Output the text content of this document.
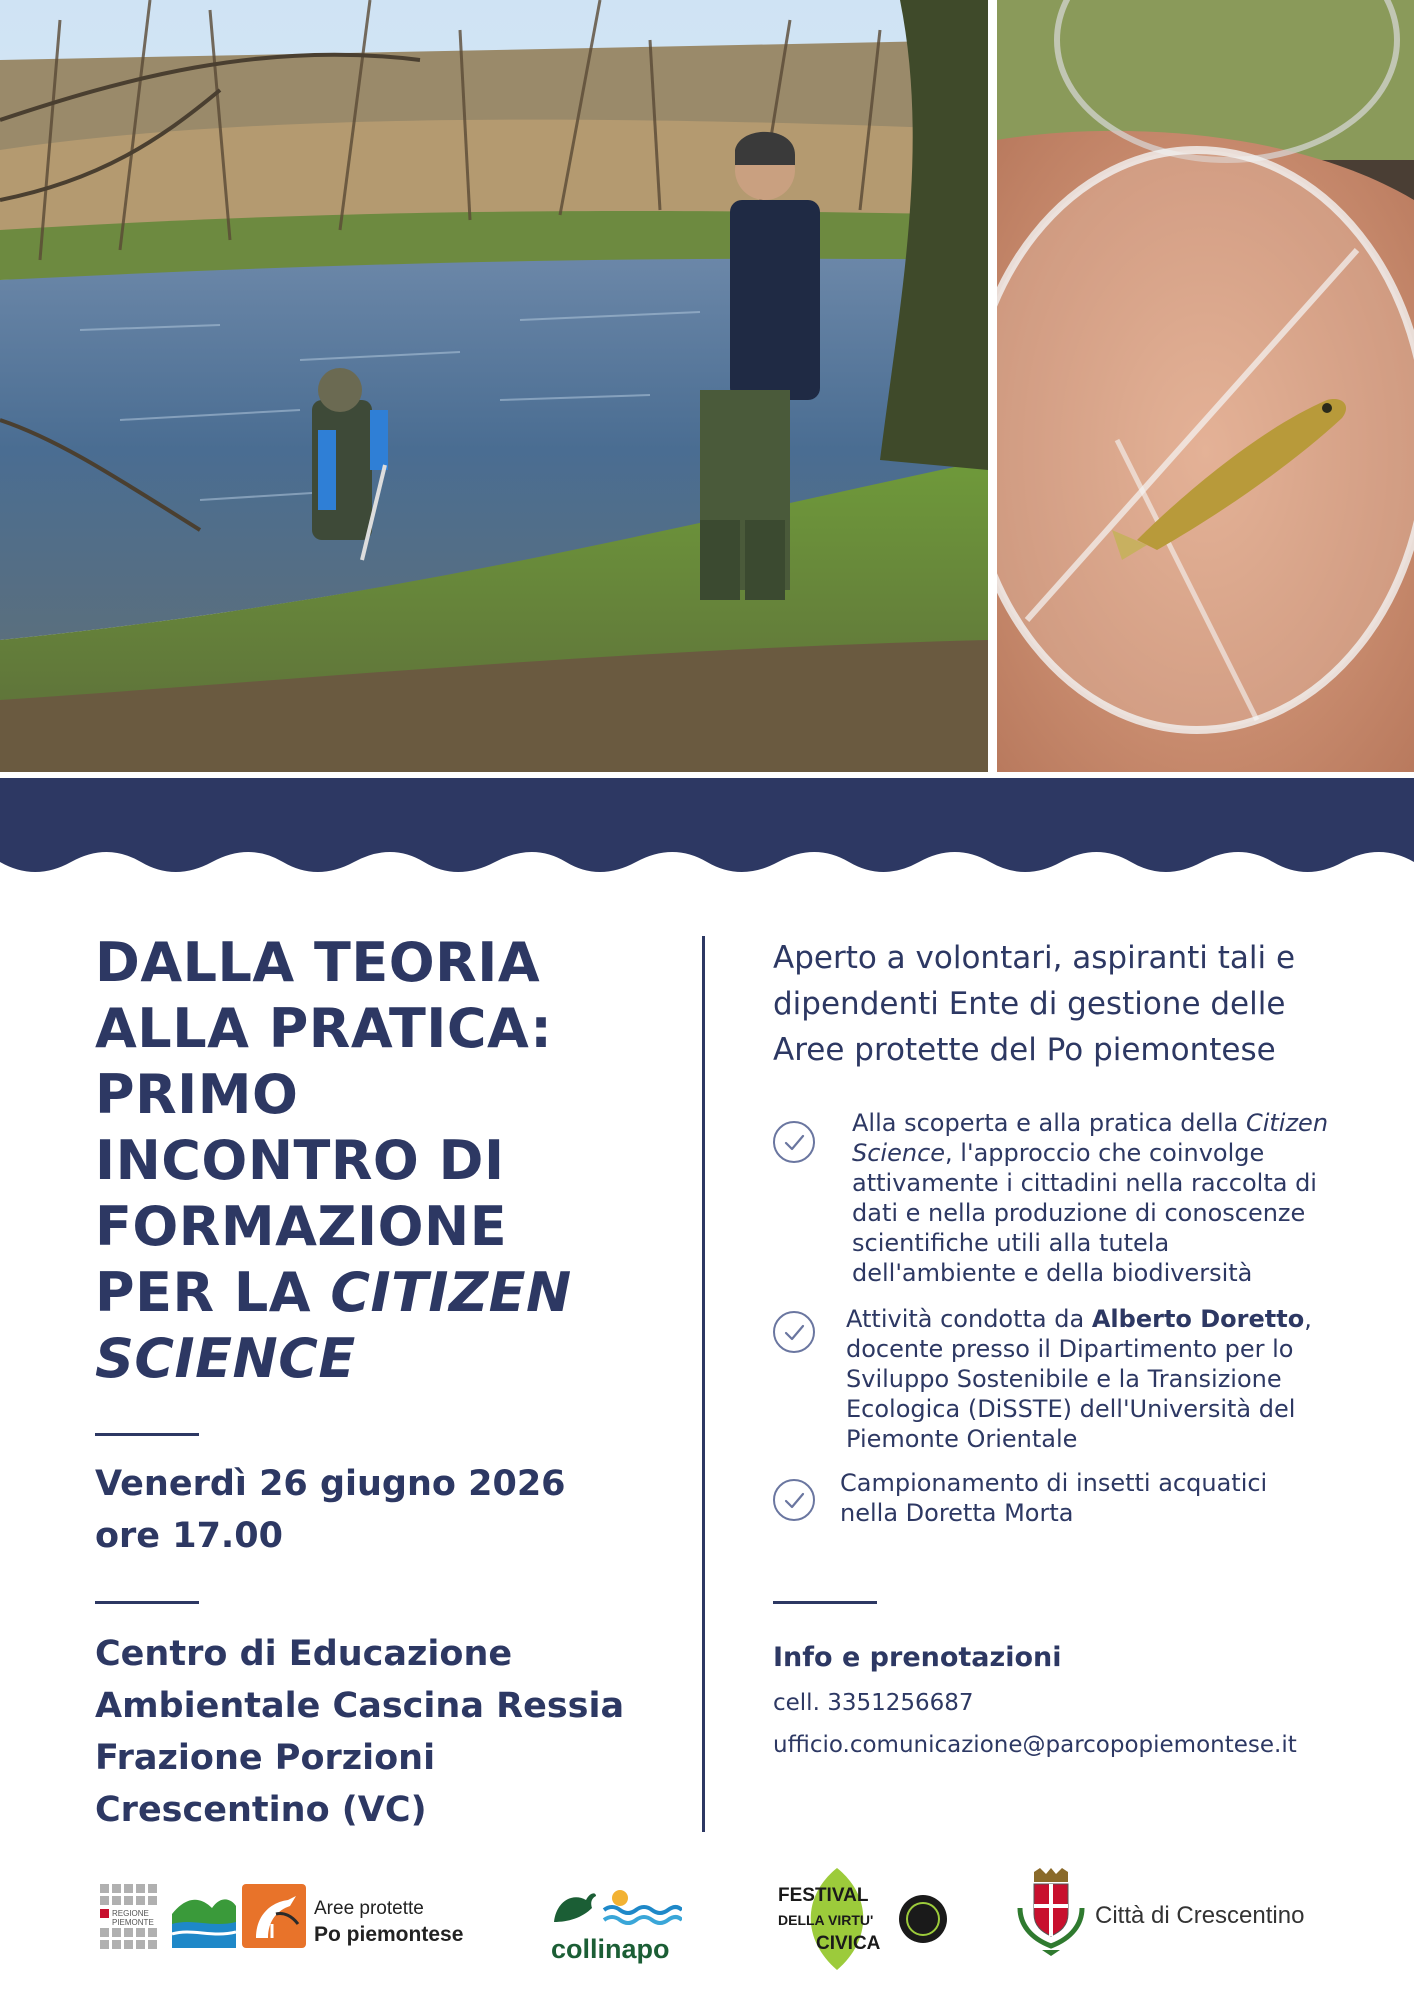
DALLA TEORIA
ALLA PRATICA:
PRIMO
INCONTRO DI
FORMAZIONE
PER LA CITIZEN
SCIENCE
Venerdì 26 giugno 2026
ore 17.00
Centro di Educazione
Ambientale Cascina Ressia
Frazione Porzioni
Crescentino (VC)
Aperto a volontari, aspiranti tali e
dipendenti Ente di gestione delle
Aree protette del Po piemontese
Alla scoperta e alla pratica della Citizen
Science, l'approccio che coinvolge
attivamente i cittadini nella raccolta di
dati e nella produzione di conoscenze
scientifiche utili alla tutela
dell'ambiente e della biodiversità
Attività condotta da Alberto Doretto,
docente presso il Dipartimento per lo
Sviluppo Sostenibile e la Transizione
Ecologica (DiSSTE) dell'Università del
Piemonte Orientale
Campionamento di insetti acquatici
nella Doretta Morta
Info e prenotazioni
cell. 3351256687
ufficio.comunicazione@parcopopiemontese.it
REGIONE
PIEMONTE
Aree protette
Po piemontese	collinapo
FESTIVAL
DELLA VIRTU'
CIVICA
Città di Crescentino
